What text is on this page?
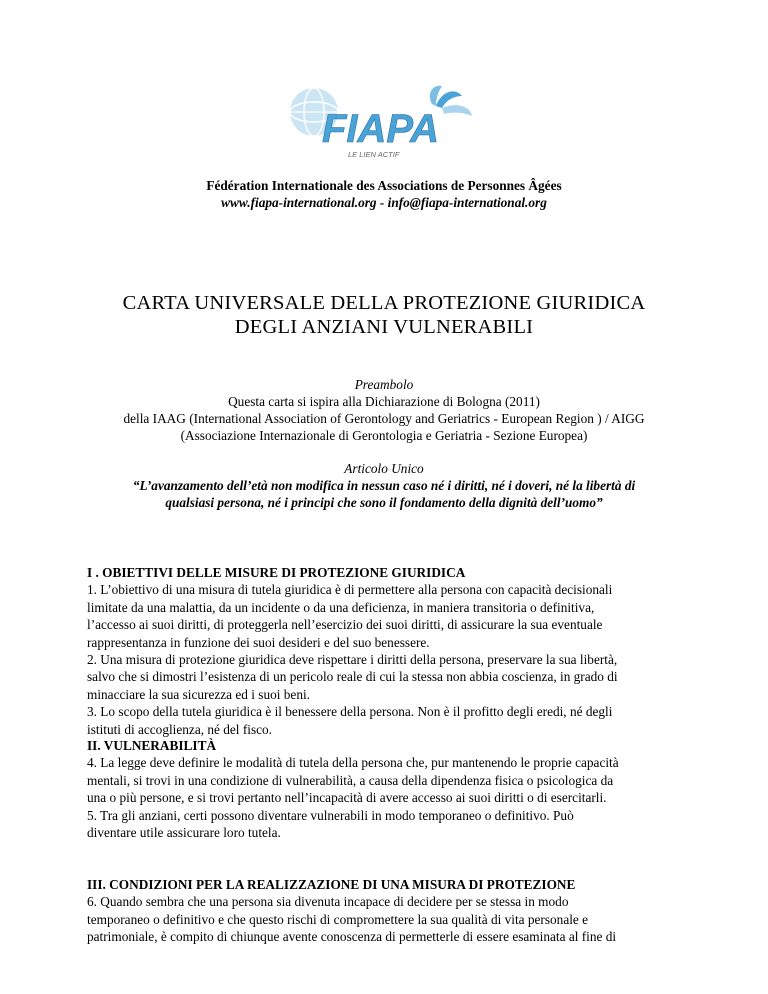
FIAPA
LE LIEN ACTIF
Fédération Internationale des Associations de Personnes Âgées
www.fiapa-international.org - info@fiapa-international.org
CARTA UNIVERSALE DELLA PROTEZIONE GIURIDICA
DEGLI ANZIANI VULNERABILI
Preambolo
Questa carta si ispira alla Dichiarazione di Bologna (2011)
della IAAG (International Association of Gerontology and Geriatrics - European Region ) / AIGG
(Associazione Internazionale di Gerontologia e Geriatria - Sezione Europea)
Articolo Unico
“L’avanzamento dell’età non modifica in nessun caso né i diritti, né i doveri, né la libertà di
qualsiasi persona, né i principi che sono il fondamento della dignità dell’uomo”
I . OBIETTIVI DELLE MISURE DI PROTEZIONE GIURIDICA

1. L’obiettivo di una misura di tutela giuridica è di permettere alla persona con capacità decisionali

limitate da una malattia, da un incidente o da una deficienza, in maniera transitoria o definitiva,

l’accesso ai suoi diritti, di proteggerla nell’esercizio dei suoi diritti, di assicurare la sua eventuale

rappresentanza in funzione dei suoi desideri e del suo benessere.

2. Una misura di protezione giuridica deve rispettare i diritti della persona, preservare la sua libertà,

salvo che si dimostri l’esistenza di un pericolo reale di cui la stessa non abbia coscienza, in grado di

minacciare la sua sicurezza ed i suoi beni.

3. Lo scopo della tutela giuridica è il benessere della persona. Non è il profitto degli eredi, né degli

istituti di accoglienza, né del fisco.

II. VULNERABILITÀ

4. La legge deve definire le modalità di tutela della persona che, pur mantenendo le proprie capacità

mentali, si trovi in una condizione di vulnerabilità, a causa della dipendenza fisica o psicologica da

una o più persone, e si trovi pertanto nell’incapacità di avere accesso ai suoi diritti o di esercitarli.

5. Tra gli anziani, certi possono diventare vulnerabili in modo temporaneo o definitivo. Può

diventare utile assicurare loro tutela.

III. CONDIZIONI PER LA REALIZZAZIONE DI UNA MISURA DI PROTEZIONE

6. Quando sembra che una persona sia divenuta incapace di decidere per se stessa in modo

temporaneo o definitivo e che questo rischi di compromettere la sua qualità di vita personale e

patrimoniale, è compito di chiunque avente conoscenza di permetterle di essere esaminata al fine di
